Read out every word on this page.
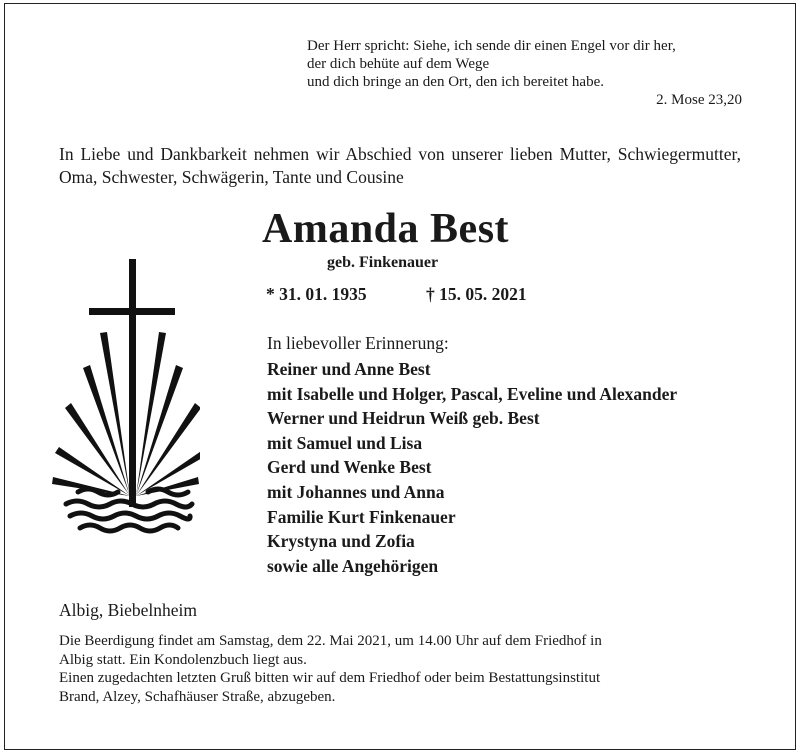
Der Herr spricht: Siehe, ich sende dir einen Engel vor dir her,
der dich behüte auf dem Wege
und dich bringe an den Ort, den ich bereitet habe.
2. Mose 23,20
In Liebe und Dankbarkeit nehmen wir Abschied von unserer lieben Mutter, Schwiegermutter, Oma, Schwester, Schwägerin, Tante und Cousine
Amanda Best
geb. Finkenauer
* 31. 01. 1935	† 15. 05. 2021
In liebevoller Erinnerung:
Reiner und Anne Best
mit Isabelle und Holger, Pascal, Eveline und Alexander
Werner und Heidrun Weiß geb. Best
mit Samuel und Lisa
Gerd und Wenke Best
mit Johannes und Anna
Familie Kurt Finkenauer
Krystyna und Zofia
sowie alle Angehörigen
Albig, Biebelnheim
Die Beerdigung findet am Samstag, dem 22. Mai 2021, um 14.00 Uhr auf dem Friedhof in
Albig statt. Ein Kondolenzbuch liegt aus.
Einen zugedachten letzten Gruß bitten wir auf dem Friedhof oder beim Bestattungsinstitut
Brand, Alzey, Schafhäuser Straße, abzugeben.
